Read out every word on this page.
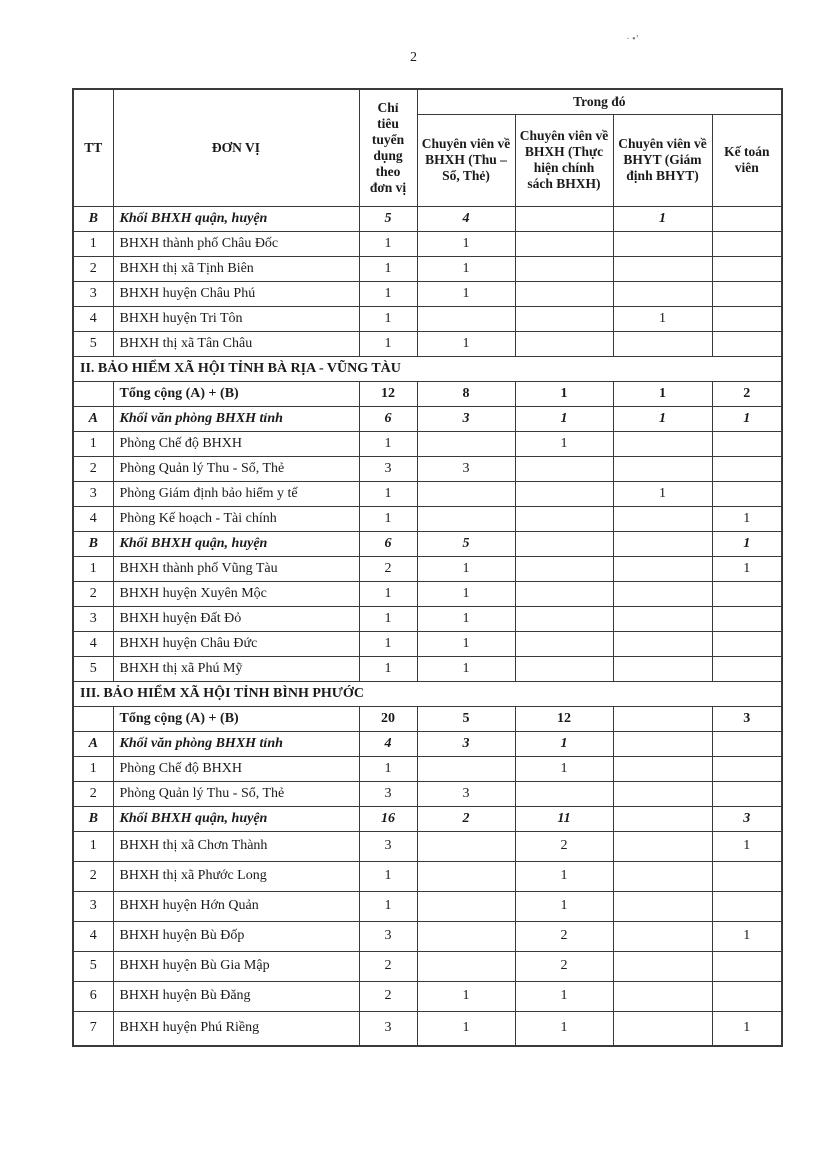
2
· •’
TT	ĐƠN VỊ	Chỉ tiêu tuyển dụng theo đơn vị	Trong đó			
			Chuyên viên về BHXH (Thu – Sổ, Thẻ)	Chuyên viên về BHXH (Thực hiện chính sách BHXH)	Chuyên viên về BHYT (Giám định BHYT)	Kế toán viên
B	Khối BHXH quận, huyện	5	4		1	
1	BHXH thành phố Châu Đốc	1	1			
2	BHXH thị xã Tịnh Biên	1	1			
3	BHXH huyện Châu Phú	1	1			
4	BHXH huyện Tri Tôn	1			1	
5	BHXH thị xã Tân Châu	1	1			
II. BẢO HIỂM XÃ HỘI TỈNH BÀ RỊA - VŨNG TÀU						
	Tổng cộng (A) + (B)	12	8	1	1	2
A	Khối văn phòng BHXH tỉnh	6	3	1	1	1
1	Phòng Chế độ BHXH	1		1		
2	Phòng Quản lý Thu - Sổ, Thẻ	3	3			
3	Phòng Giám định bảo hiểm y tế	1			1	
4	Phòng Kế hoạch - Tài chính	1				1
B	Khối BHXH quận, huyện	6	5			1
1	BHXH thành phố Vũng Tàu	2	1			1
2	BHXH huyện Xuyên Mộc	1	1			
3	BHXH huyện Đất Đỏ	1	1			
4	BHXH huyện Châu Đức	1	1			
5	BHXH thị xã Phú Mỹ	1	1			
III. BẢO HIỂM XÃ HỘI TỈNH BÌNH PHƯỚC						
	Tổng cộng (A) + (B)	20	5	12		3
A	Khối văn phòng BHXH tỉnh	4	3	1		
1	Phòng Chế độ BHXH	1		1		
2	Phòng Quản lý Thu - Sổ, Thẻ	3	3			
B	Khối BHXH quận, huyện	16	2	11		3
1	BHXH thị xã Chơn Thành	3		2		1
2	BHXH thị xã Phước Long	1		1		
3	BHXH huyện Hớn Quản	1		1		
4	BHXH huyện Bù Đốp	3		2		1
5	BHXH huyện Bù Gia Mập	2		2		
6	BHXH huyện Bù Đăng	2	1	1		
7	BHXH huyện Phú Riềng	3	1	1		1
